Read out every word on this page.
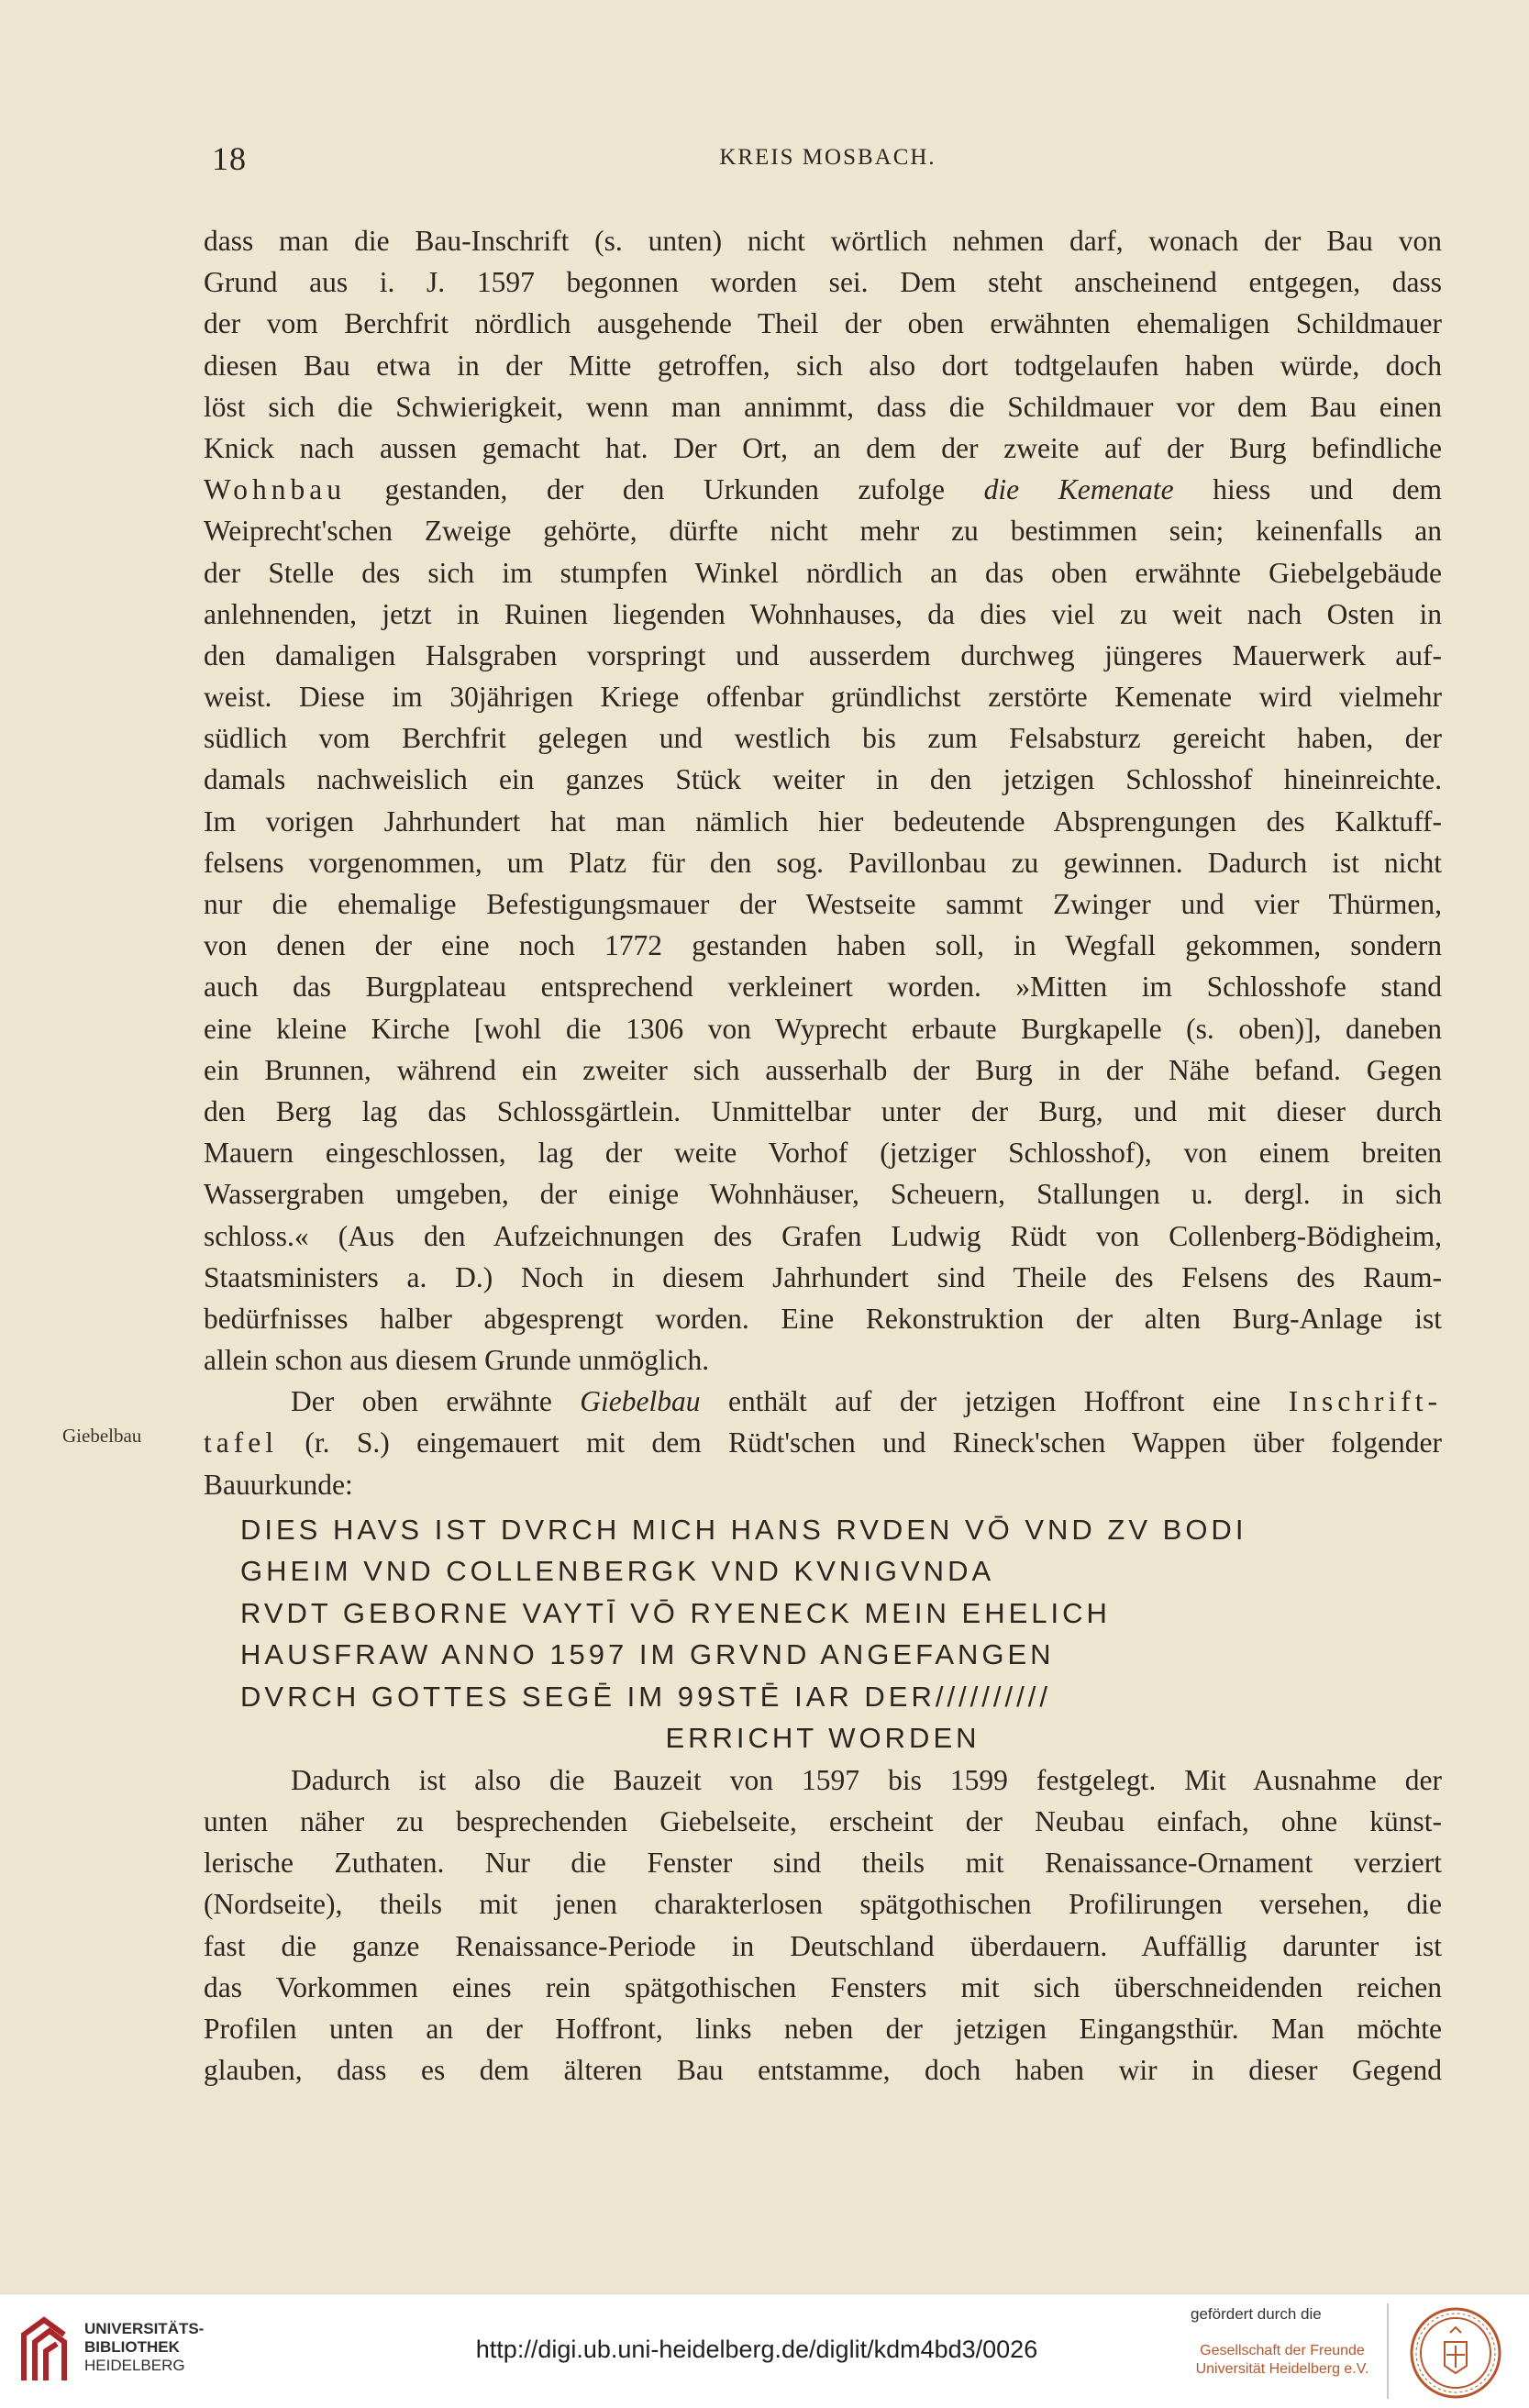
18	KREIS MOSBACH.
Giebelbau
dass man die Bau-Inschrift (s. unten) nicht wörtlich nehmen darf, wonach der Bau von
Grund aus i. J. 1597 begonnen worden sei. Dem steht anscheinend entgegen, dass
der vom Berchfrit nördlich ausgehende Theil der oben erwähnten ehemaligen Schildmauer
diesen Bau etwa in der Mitte getroffen, sich also dort todtgelaufen haben würde, doch
löst sich die Schwierigkeit, wenn man annimmt, dass die Schildmauer vor dem Bau einen
Knick nach aussen gemacht hat. Der Ort, an dem der zweite auf der Burg befindliche
Wohnbau gestanden, der den Urkunden zufolge die Kemenate hiess und dem
Weiprecht'schen Zweige gehörte, dürfte nicht mehr zu bestimmen sein; keinenfalls an
der Stelle des sich im stumpfen Winkel nördlich an das oben erwähnte Giebelgebäude
anlehnenden, jetzt in Ruinen liegenden Wohnhauses, da dies viel zu weit nach Osten in
den damaligen Halsgraben vorspringt und ausserdem durchweg jüngeres Mauerwerk auf-
weist. Diese im 30jährigen Kriege offenbar gründlichst zerstörte Kemenate wird vielmehr
südlich vom Berchfrit gelegen und westlich bis zum Felsabsturz gereicht haben, der
damals nachweislich ein ganzes Stück weiter in den jetzigen Schlosshof hineinreichte.
Im vorigen Jahrhundert hat man nämlich hier bedeutende Absprengungen des Kalktuff-
felsens vorgenommen, um Platz für den sog. Pavillonbau zu gewinnen. Dadurch ist nicht
nur die ehemalige Befestigungsmauer der Westseite sammt Zwinger und vier Thürmen,
von denen der eine noch 1772 gestanden haben soll, in Wegfall gekommen, sondern
auch das Burgplateau entsprechend verkleinert worden. »Mitten im Schlosshofe stand
eine kleine Kirche [wohl die 1306 von Wyprecht erbaute Burgkapelle (s. oben)], daneben
ein Brunnen, während ein zweiter sich ausserhalb der Burg in der Nähe befand. Gegen
den Berg lag das Schlossgärtlein. Unmittelbar unter der Burg, und mit dieser durch
Mauern eingeschlossen, lag der weite Vorhof (jetziger Schlosshof), von einem breiten
Wassergraben umgeben, der einige Wohnhäuser, Scheuern, Stallungen u. dergl. in sich
schloss.« (Aus den Aufzeichnungen des Grafen Ludwig Rüdt von Collenberg-Bödigheim,
Staatsministers a. D.) Noch in diesem Jahrhundert sind Theile des Felsens des Raum-
bedürfnisses halber abgesprengt worden. Eine Rekonstruktion der alten Burg-Anlage ist
allein schon aus diesem Grunde unmöglich.
Der oben erwähnte Giebelbau enthält auf der jetzigen Hoffront eine Inschrift-
tafel (r. S.) eingemauert mit dem Rüdt'schen und Rineck'schen Wappen über folgender
Bauurkunde:
DIES HAVS IST DVRCH MICH HANS RVDEN VŌ VND ZV BODI
GHEIM VND COLLENBERGK VND KVNIGVNDA
RVDT GEBORNE VAYTĪ VŌ RYENECK MEIN EHELICH
HAUSFRAW ANNO 1597 IM GRVND ANGEFANGEN
DVRCH GOTTES SEGĒ IM 99STĒ IAR DER//////////
ERRICHT WORDEN
Dadurch ist also die Bauzeit von 1597 bis 1599 festgelegt. Mit Ausnahme der
unten näher zu besprechenden Giebelseite, erscheint der Neubau einfach, ohne künst-
lerische Zuthaten. Nur die Fenster sind theils mit Renaissance-Ornament verziert
(Nordseite), theils mit jenen charakterlosen spätgothischen Profilirungen versehen, die
fast die ganze Renaissance-Periode in Deutschland überdauern. Auffällig darunter ist
das Vorkommen eines rein spätgothischen Fensters mit sich überschneidenden reichen
Profilen unten an der Hoffront, links neben der jetzigen Eingangsthür. Man möchte
glauben, dass es dem älteren Bau entstamme, doch haben wir in dieser Gegend
UNIVERSITÄTS-
BIBLIOTHEK
HEIDELBERG
http://digi.ub.uni-heidelberg.de/diglit/kdm4bd3/0026
gefördert durch die
Gesellschaft der Freunde
Universität Heidelberg e.V.
